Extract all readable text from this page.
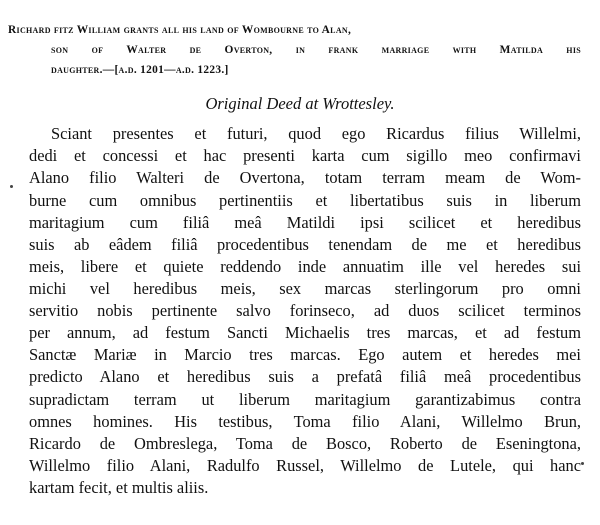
Richard fitz William grants all his land of Wombourne to Alan,
son of Walter de Overton, in frank marriage with Matilda his
daughter.—[a.d. 1201—a.d. 1223.]
Original Deed at Wrottesley.
Sciant presentes et futuri, quod ego Ricardus filius Willelmi,
dedi et concessi et hac presenti karta cum sigillo meo confirmavi
Alano filio Walteri de Overtona, totam terram meam de Wom-
burne cum omnibus pertinentiis et libertatibus suis in liberum
maritagium cum filiâ meâ Matildi ipsi scilicet et heredibus
suis ab eâdem filiâ procedentibus tenendam de me et heredibus
meis, libere et quiete reddendo inde annuatim ille vel heredes sui
michi vel heredibus meis, sex marcas sterlingorum pro omni
servitio nobis pertinente salvo forinseco, ad duos scilicet terminos
per annum, ad festum Sancti Michaelis tres marcas, et ad festum
Sanctæ Mariæ in Marcio tres marcas. Ego autem et heredes mei
predicto Alano et heredibus suis a prefatâ filiâ meâ procedentibus
supradictam terram ut liberum maritagium garantizabimus contra
omnes homines. His testibus, Toma filio Alani, Willelmo Brun,
Ricardo de Ombreslega, Toma de Bosco, Roberto de Eseningtona,
Willelmo filio Alani, Radulfo Russel, Willelmo de Lutele, qui hanc
kartam fecit, et multis aliis.
